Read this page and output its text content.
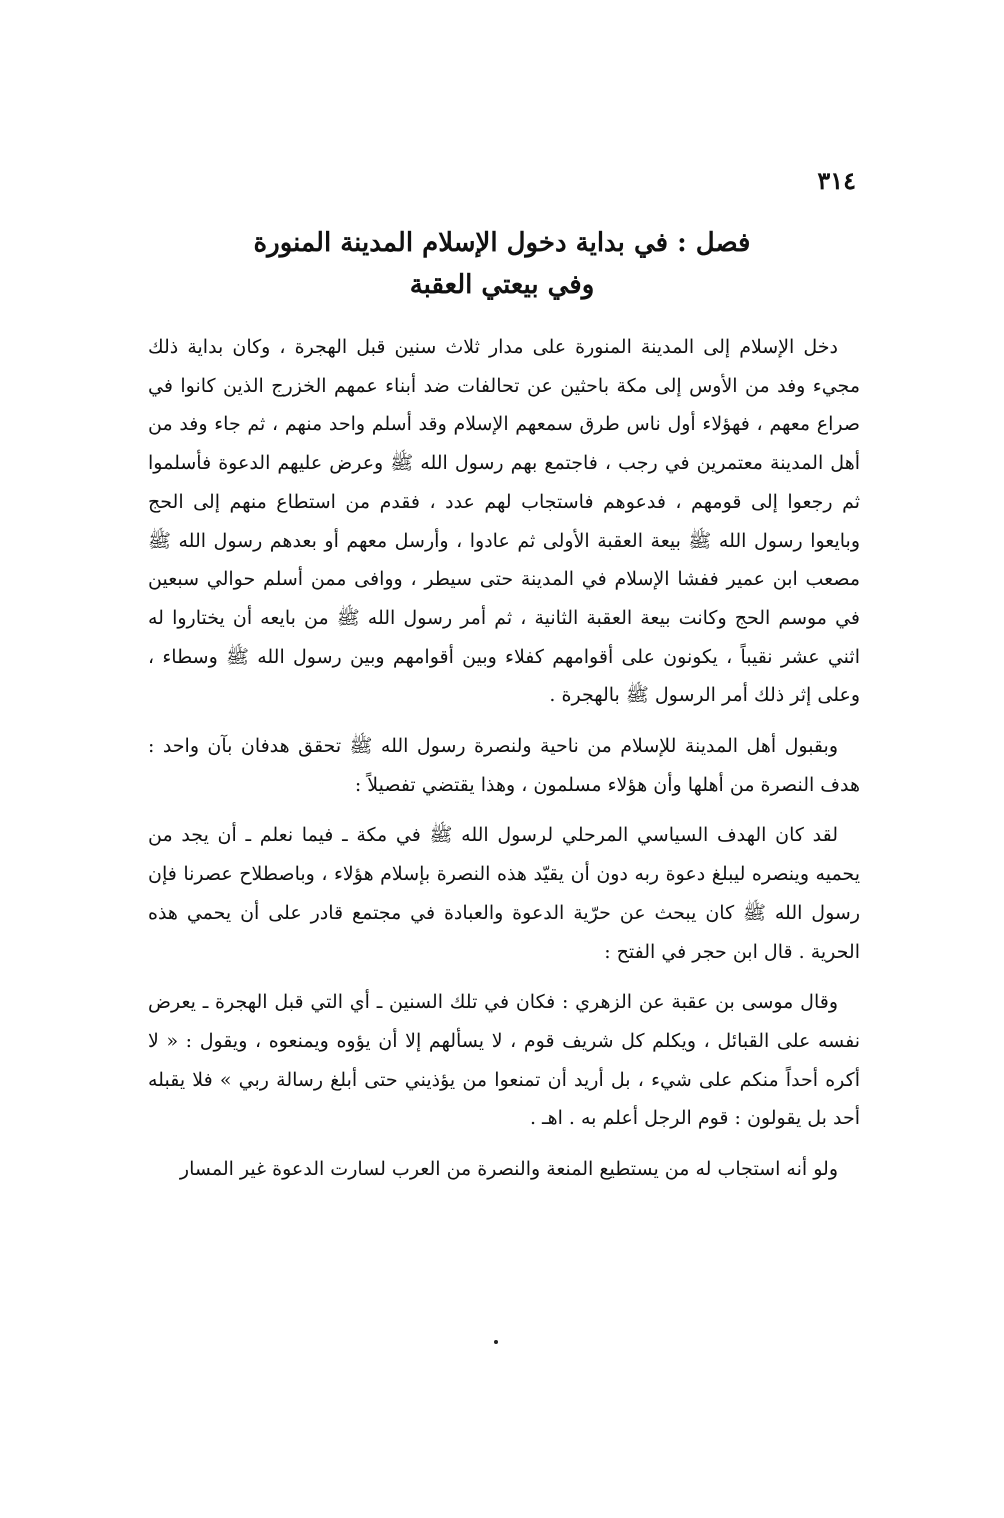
٣١٤
فصل : في بداية دخول الإسلام المدينة المنورة
وفي بيعتي العقبة

دخل الإسلام إلى المدينة المنورة على مدار ثلاث سنين قبل الهجرة ، وكان بداية ذلك مجيء وفد من الأوس إلى مكة باحثين عن تحالفات ضد أبناء عمهم الخزرج الذين كانوا في صراع معهم ، فهؤلاء أول ناس طرق سمعهم الإسلام وقد أسلم واحد منهم ، ثم جاء وفد من أهل المدينة معتمرين في رجب ، فاجتمع بهم رسول الله ﷺ وعرض عليهم الدعوة فأسلموا ثم رجعوا إلى قومهم ، فدعوهم فاستجاب لهم عدد ، فقدم من استطاع منهم إلى الحج وبايعوا رسول الله ﷺ بيعة العقبة الأولى ثم عادوا ، وأرسل معهم أو بعدهم رسول الله ﷺ مصعب ابن عمير ففشا الإسلام في المدينة حتى سيطر ، ووافى ممن أسلم حوالي سبعين في موسم الحج وكانت بيعة العقبة الثانية ، ثم أمر رسول الله ﷺ من بايعه أن يختاروا له اثني عشر نقيباً ، يكونون على أقوامهم كفلاء وبين أقوامهم وبين رسول الله ﷺ وسطاء ، وعلى إثر ذلك أمر الرسول ﷺ بالهجرة .

وبقبول أهل المدينة للإسلام من ناحية ولنصرة رسول الله ﷺ تحقق هدفان بآن واحد : هدف النصرة من أهلها وأن هؤلاء مسلمون ، وهذا يقتضي تفصيلاً :

لقد كان الهدف السياسي المرحلي لرسول الله ﷺ في مكة ـ فيما نعلم ـ أن يجد من يحميه وينصره ليبلغ دعوة ربه دون أن يقيّد هذه النصرة بإسلام هؤلاء ، وباصطلاح عصرنا فإن رسول الله ﷺ كان يبحث عن حرّية الدعوة والعبادة في مجتمع قادر على أن يحمي هذه الحرية . قال ابن حجر في الفتح :

وقال موسى بن عقبة عن الزهري : فكان في تلك السنين ـ أي التي قبل الهجرة ـ يعرض نفسه على القبائل ، ويكلم كل شريف قوم ، لا يسألهم إلا أن يؤوه ويمنعوه ، ويقول : « لا أكره أحداً منكم على شيء ، بل أريد أن تمنعوا من يؤذيني حتى أبلغ رسالة ربي » فلا يقبله أحد بل يقولون : قوم الرجل أعلم به . اهـ .

ولو أنه استجاب له من يستطيع المنعة والنصرة من العرب لسارت الدعوة غير المسار
